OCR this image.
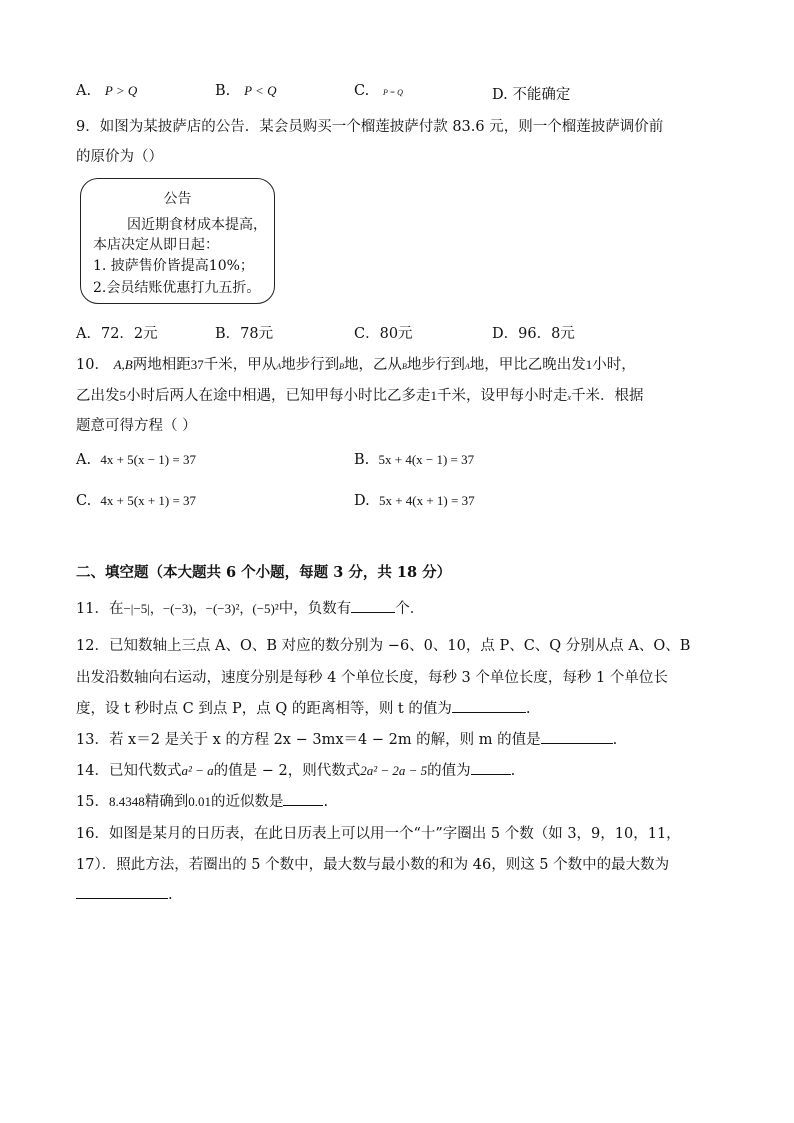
A. P > Q	B. P < Q	C. P = Q	D. 不能确定
9．如图为某披萨店的公告．某会员购买一个榴莲披萨付款 83.6 元，则一个榴莲披萨调价前
的原价为（）
公告
因近期食材成本提高，
本店决定从即日起：
1. 披萨售价皆提高10%；
2.会员结账优惠打九五折。
A．72．2元	B．78元	C．80元	D．96．8元
10． A,B两地相距37千米，甲从A地步行到B地，乙从B地步行到A地，甲比乙晚出发1小时，
乙出发5小时后两人在途中相遇，已知甲每小时比乙多走1千米，设甲每小时走x千米．根据
题意可得方程（ ）
A. 4x + 5(x − 1) = 37	B. 5x + 4(x − 1) = 37
C. 4x + 5(x + 1) = 37	D. 5x + 4(x + 1) = 37
二、填空题（本大题共 6 个小题，每题 3 分，共 18 分）
11．在−|−5|，−(−3)，−(−3)²，(−5)²中，负数有	个．
12．已知数轴上三点 A、O、B 对应的数分别为 −6、0、10，点 P、C、Q 分别从点 A、O、B
出发沿数轴向右运动，速度分别是每秒 4 个单位长度，每秒 3 个单位长度，每秒 1 个单位长
度，设 t 秒时点 C 到点 P，点 Q 的距离相等，则 t 的值为	.
13．若 x＝2 是关于 x 的方程 2x − 3mx＝4 − 2m 的解，则 m 的值是	.
14．已知代数式a² − a的值是 − 2，则代数式2a² − 2a − 5的值为	.
15．8.4348精确到0.01的近似数是	.
16．如图是某月的日历表，在此日历表上可以用一个“十”字圈出 5 个数（如 3，9，10，11，
17）．照此方法，若圈出的 5 个数中，最大数与最小数的和为 46，则这 5 个数中的最大数为
.
